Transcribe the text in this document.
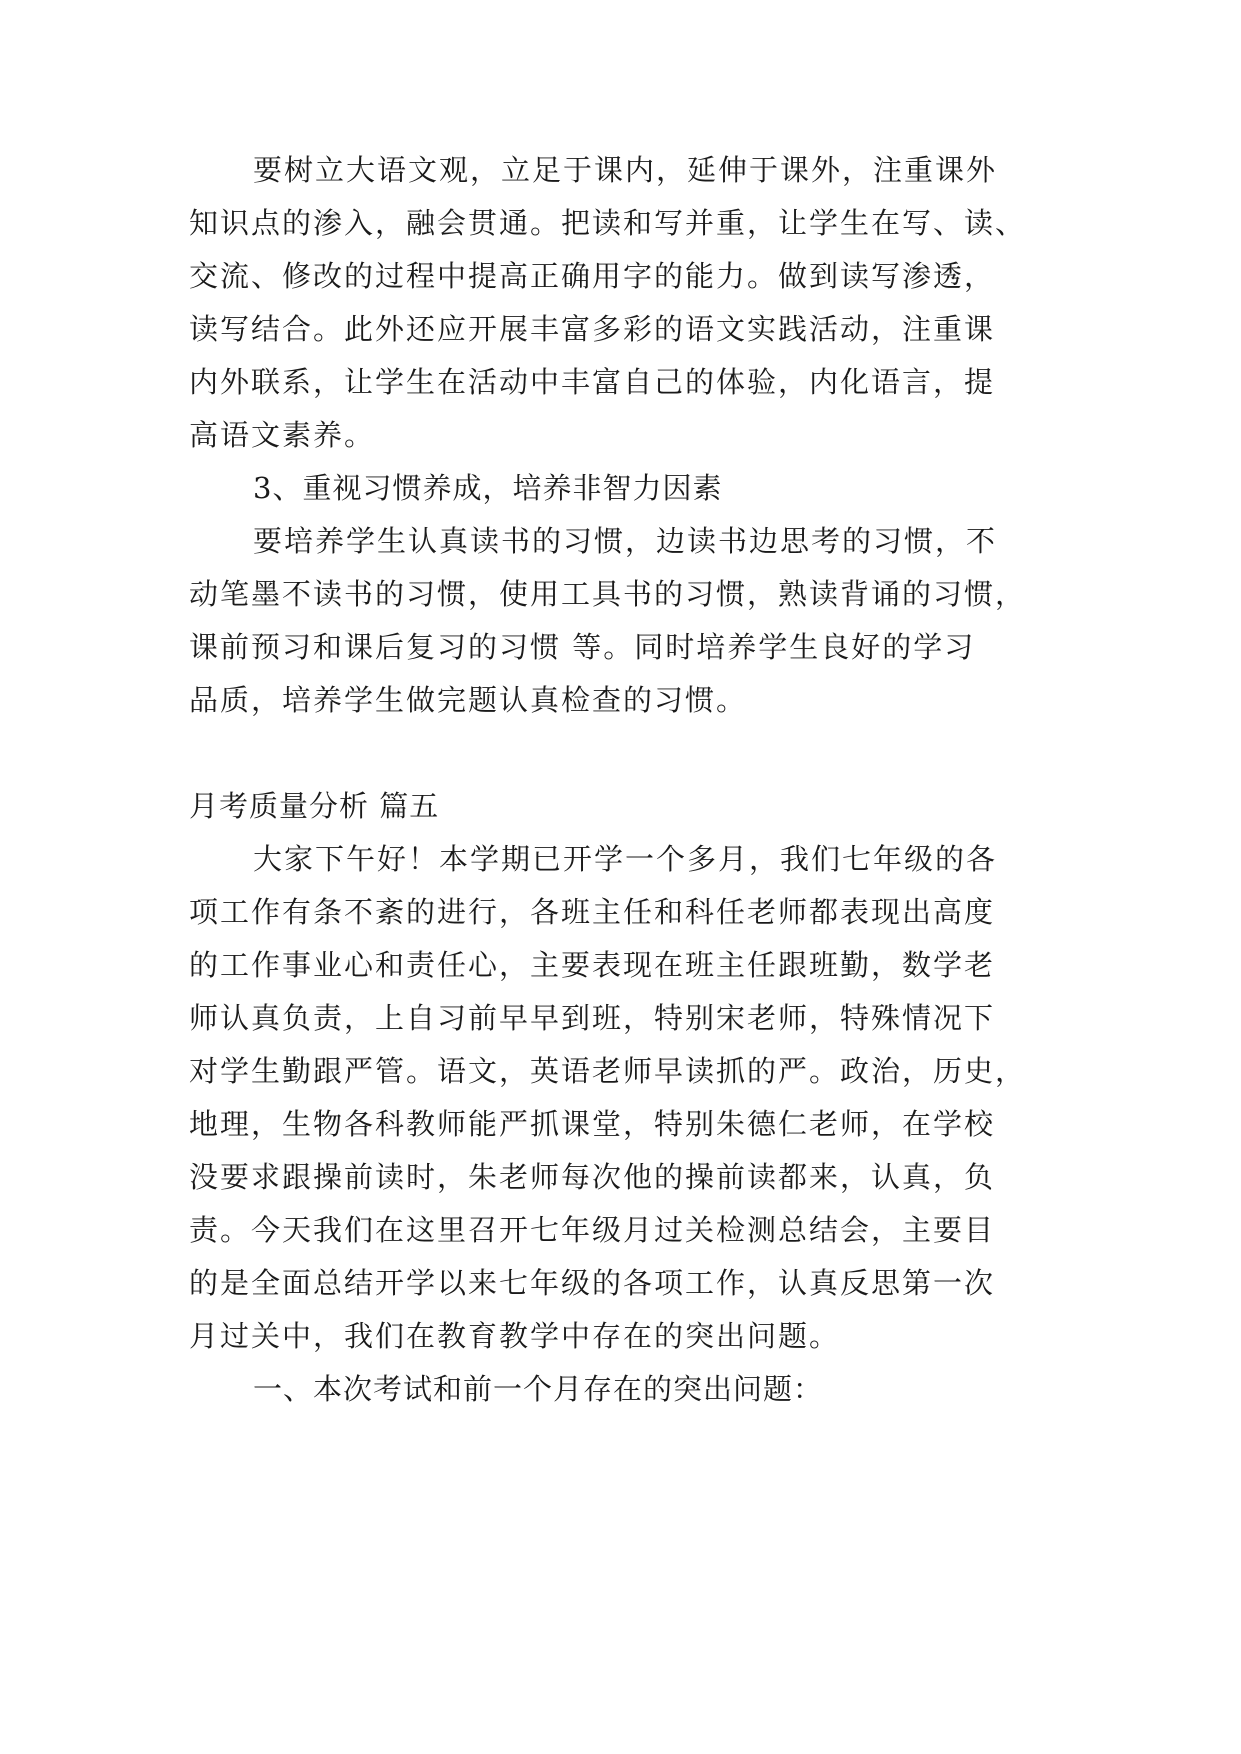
要树立大语文观，立足于课内，延伸于课外，注重课外

知识点的渗入，融会贯通。把读和写并重，让学生在写、读、

交流、修改的过程中提高正确用字的能力。做到读写渗透，

读写结合。此外还应开展丰富多彩的语文实践活动，注重课

内外联系，让学生在活动中丰富自己的体验，内化语言，提

高语文素养。

3、重视习惯养成，培养非智力因素

要培养学生认真读书的习惯，边读书边思考的习惯，不

动笔墨不读书的习惯，使用工具书的习惯，熟读背诵的习惯，

课前预习和课后复习的习惯 等。同时培养学生良好的学习

品质，培养学生做完题认真检查的习惯。

月考质量分析 篇五

大家下午好！本学期已开学一个多月，我们七年级的各

项工作有条不紊的进行，各班主任和科任老师都表现出高度

的工作事业心和责任心，主要表现在班主任跟班勤，数学老

师认真负责，上自习前早早到班，特别宋老师，特殊情况下

对学生勤跟严管。语文，英语老师早读抓的严。政治，历史，

地理，生物各科教师能严抓课堂，特别朱德仁老师，在学校

没要求跟操前读时，朱老师每次他的操前读都来，认真，负

责。今天我们在这里召开七年级月过关检测总结会，主要目

的是全面总结开学以来七年级的各项工作，认真反思第一次

月过关中，我们在教育教学中存在的突出问题。

一、本次考试和前一个月存在的突出问题：
